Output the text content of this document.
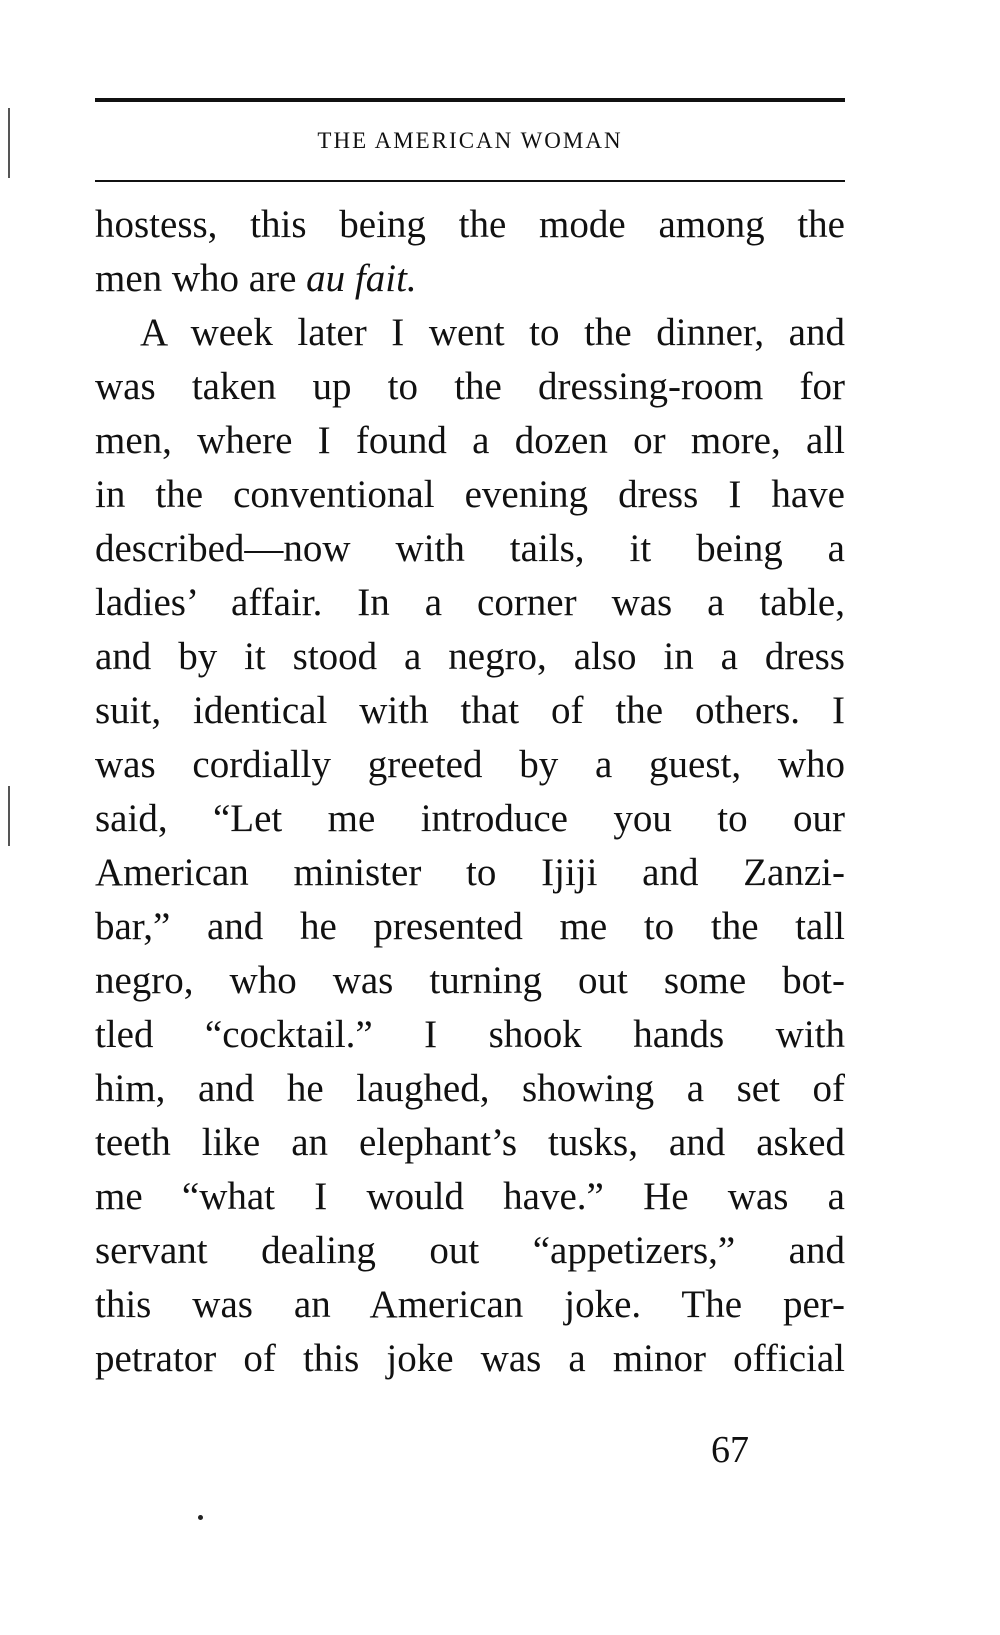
THE AMERICAN WOMAN
hostess, this being the mode among the
men who are au fait.
A week later I went to the dinner, and
was taken up to the dressing-room for
men, where I found a dozen or more, all
in the conventional evening dress I have
described—now with tails, it being a
ladies’ affair. In a corner was a table,
and by it stood a negro, also in a dress
suit, identical with that of the others. I
was cordially greeted by a guest, who
said, “Let me introduce you to our
American minister to Ijiji and Zanzi-
bar,” and he presented me to the tall
negro, who was turning out some bot-
tled “cocktail.” I shook hands with
him, and he laughed, showing a set of
teeth like an elephant’s tusks, and asked
me “what I would have.” He was a
servant dealing out “appetizers,” and
this was an American joke. The per-
petrator of this joke was a minor official
67
